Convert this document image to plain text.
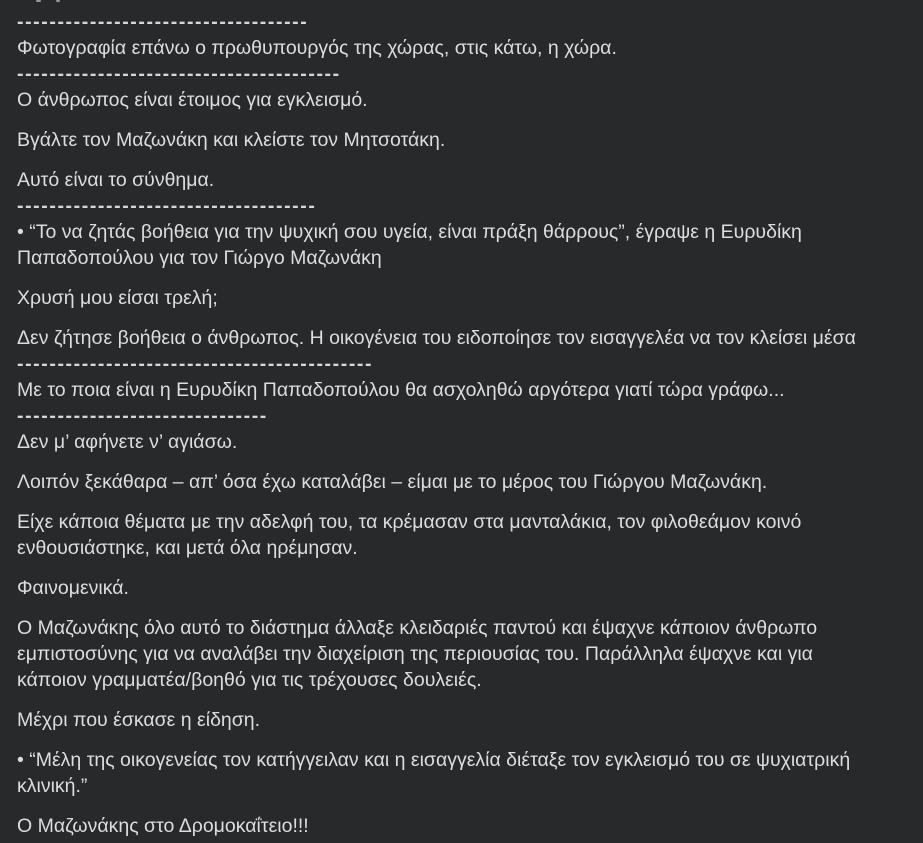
------------------------------------
Φωτογραφία επάνω ο πρωθυπουργός της χώρας, στις κάτω, η χώρα.
----------------------------------------
Ο άνθρωπος είναι έτοιμος για εγκλεισμό.
Βγάλτε τον Μαζωνάκη και κλείστε τον Μητσοτάκη.
Αυτό είναι το σύνθημα.
-------------------------------------
• “Το να ζητάς βοήθεια για την ψυχική σου υγεία, είναι πράξη θάρρους”, έγραψε η Ευρυδίκη
Παπαδοπούλου για τον Γιώργο Μαζωνάκη
Χρυσή μου είσαι τρελή;
Δεν ζήτησε βοήθεια ο άνθρωπος. Η οικογένεια του ειδοποίησε τον εισαγγελέα να τον κλείσει μέσα
--------------------------------------------
Με το ποια είναι η Ευρυδίκη Παπαδοπούλου θα ασχοληθώ αργότερα γιατί τώρα γράφω...
-------------------------------
Δεν μ’ αφήνετε ν’ αγιάσω.
Λοιπόν ξεκάθαρα – απ’ όσα έχω καταλάβει – είμαι με το μέρος του Γιώργου Μαζωνάκη.
Είχε κάποια θέματα με την αδελφή του, τα κρέμασαν στα μανταλάκια, τον φιλοθεάμον κοινό
ενθουσιάστηκε, και μετά όλα ηρέμησαν.
Φαινομενικά.
Ο Μαζωνάκης όλο αυτό το διάστημα άλλαξε κλειδαριές παντού και έψαχνε κάποιον άνθρωπο
εμπιστοσύνης για να αναλάβει την διαχείριση της περιουσίας του. Παράλληλα έψαχνε και για
κάποιον γραμματέα/βοηθό για τις τρέχουσες δουλειές.
Μέχρι που έσκασε η είδηση.
• “Μέλη της οικογενείας τον κατήγγειλαν και η εισαγγελία διέταξε τον εγκλεισμό του σε ψυχιατρική
κλινική.”
Ο Μαζωνάκης στο Δρομοκαΐτειο!!!
